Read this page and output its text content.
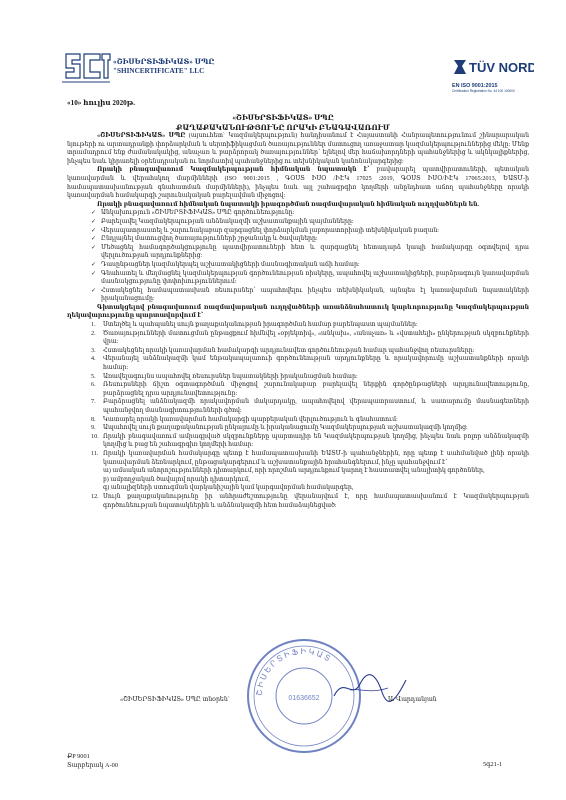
«ՇԻՍԵՐՏԻՖԻԿԱՏ» ՍՊԸ
"SHINCERTIFICATE" LLC	TÜV NORD
EN ISO 9001:2015
Certification Registration No. 44 100 100000
«10» հուլիս 2020թ.
«ՇԻՍԵՐՏԻՖԻԿԱՏ» ՍՊԸ
ՔԱՂԱՔԱԿԱՆՈՒԹՅՈՒՆԸ ՈՐԱԿԻ ԲՆԱԳԱՎԱՌՈՒՄ

«ՇԻՍԵՐՏԻՖԻԿԱՏ» ՍՊԸ (այսուհետ` Կազմակերպություն) հանդիսանում է Հայաստանի Հանրապետությունում շինարարական նյութերի ու արտադրանքի փորձարկման և սերտիֆիկացման ծառայություններ մատուցող առաջատար կազմակերպություններից մեկը: Մենք տրամադրում ենք ժամանակակից, անաչառ և բարձրորակ ծառայություններ՝ ելնելով մեր հաճախորդների պահանջներից և ակնկալիքներից, ինչպես նաև կիրառելի օրենսդրական ու նորմատիվ պահանջներից ու տեխնիկական կանոնակարգերից:

Որակի բնագավառում Կազմակերպության հիմնական նպատակն է՝ բավարարել պատվիրատուների, պետական կառավարման և վերահսկող մարմինների (ISO 9001:2015 , ԳՕՍՏ ԻՍՕ /ԻԷԿ 17025 :2019, ԳՕՍՏ ԻՍՕ/ԻԷԿ 17065:2013, ԵԱՏՄ-ի համապատասխանության գնահատման մարմինների), ինչպես նաև այլ շահագրգիռ կողմերի անընդհատ աճող պահանջները որակի կառավարման համակարգի շարունակական բարելավման միջոցով:

Որակի բնագավառում հիմնական նպատակի իրագործման ռազմավարական հիմնական ուղղվածներն են.

✓ Անկախություն «ՇԻՍԵՐՏԻՖԻԿԱՏ» ՍՊԸ գործունեությունը:
✓ Բարելավել Կազմակերպության անձնակազմի աշխատանքային պայմանները:
✓ Վերապատրաստել և շարունակաբար զարգացնել փորձարկման լաբորատորիայի տեխնիկական բազան:
✓ Ընդլայնել մատուցվող ծառայությունների շրջանակը և ծավալները:
✓ Մեծացնել համագործակցությունը պատվիրատուների հետ և զարգացնել հետադարձ կապի համակարգը օգտվելով դրա վերլուծության արդյունքներից:
✓ Դասընթացներ կազմակերպել աշխատակիցների մասնագիտական աճի համար:
✓ Գնահատել և մեղմացնել կազմակերպության գործունեության ռիսկերը, ապահովել աշխատակիցների, բարձրագույն կառավարման մասնակցությունը փոփոխություններում:
✓ Հստակեցնել համապատասխան ռեսուրսներ՝ ապահովելու ինչպես տեխնիկական, այնպես էլ կառավարման նպատակների իրականացումը:

Գիտակցելով բնագավառում ռազմավարական ուղղվածների առանձնահատուկ կարևորությունը Կազմակերպության ղեկավարությունը պարտավորվում է՝

1. Ստեղծել և պահպանել սույն քաղաքականության իրագործման համար բարենպաստ պայմաններ:
2. Ծառայությունների մատուցման ընթացքում հիմնվել «օբյեկտիվ», «անկախ», «անաչառ» և «վստահելի» ընկերության սկզբունքների վրա:
3. Հստակեցնել որակի կառավարման համակարգի արդյունավետ գործունեության համար պահանջվող ռեսուրսները:
4. Վերանայել անձնակազմի կամ ենթակապալառուի գործունեության արդյունքները և որակավորումը աշխատանքների որակի համար:
5. Առավելագույնս ապահովել ռեսուրսներ նպատակների իրականացման համար:
6. Ռեսուրսների ճիշտ օգտագործման միջոցով շարունակաբար բարելավել ներքին գործընթացների արդյունավետությունը, բարձրացնել դրա արդյունավետությունը:
7. Բարձրացնել անձնակազմի որակավորման մակարդակը, ապահովելով վերապատրաստում, և սատարումը մասնագետների պահանջվող մասնագիտությունների գծով:
8. Կատարել որակի կառավարման համակարգի պարբերական վերլուծություն և գնահատում:
9. Ապահովել սույն քաղաքականության ընկալումը և իրականացումը Կազմակերպության աշխատակազմի կողմից:
10. Որակի բնագավառում ամրագրված սկզբունքները պարտադիր են Կազմակերպության կողմից, ինչպես նաև բոլոր անձնակազմի կողմից և բաց են շահագրգիռ կողմերի համար:
11. Որակի կառավարման համակարգը պետք է համապատասխանի ԵԱՏՄ-ի պահանջներին, որը պետք է սահմանված լինի որակի կառավարման ձեռնարկում, ընթացակարգերում և աշխատանքային հրահանգներում, ինչը պահանջվում է՝
ա) ամսական անորոշությունների դիտարկում, որի որոշման արդյունքում կարող է հաստատվել անալիտիկ գործոններ,
բ) ամբողջական ծավալով որակի դիտարկում,
գ) անալիզների ստուգման վարկանիշային կամ կարգավորման համակարգեր,
12. Սույն քաղաքականությունը իր անհրաժեշտությունը վերանայվում է, որը համապատասխանում է Կազմակերպության գործունեության նպատակներին և անձնակազմի հետ համաձայնեցված:
ՇԻՍԵՐՏԻՖԻԿԱՏ
01636652
«ՇԻՍԵՐՏԻՖԻԿԱՏ» ՍՊԸ տնօրեն`	Ա. Վարդանյան
ՔP 9001
Տարբերակ A-00	5գ21-1
